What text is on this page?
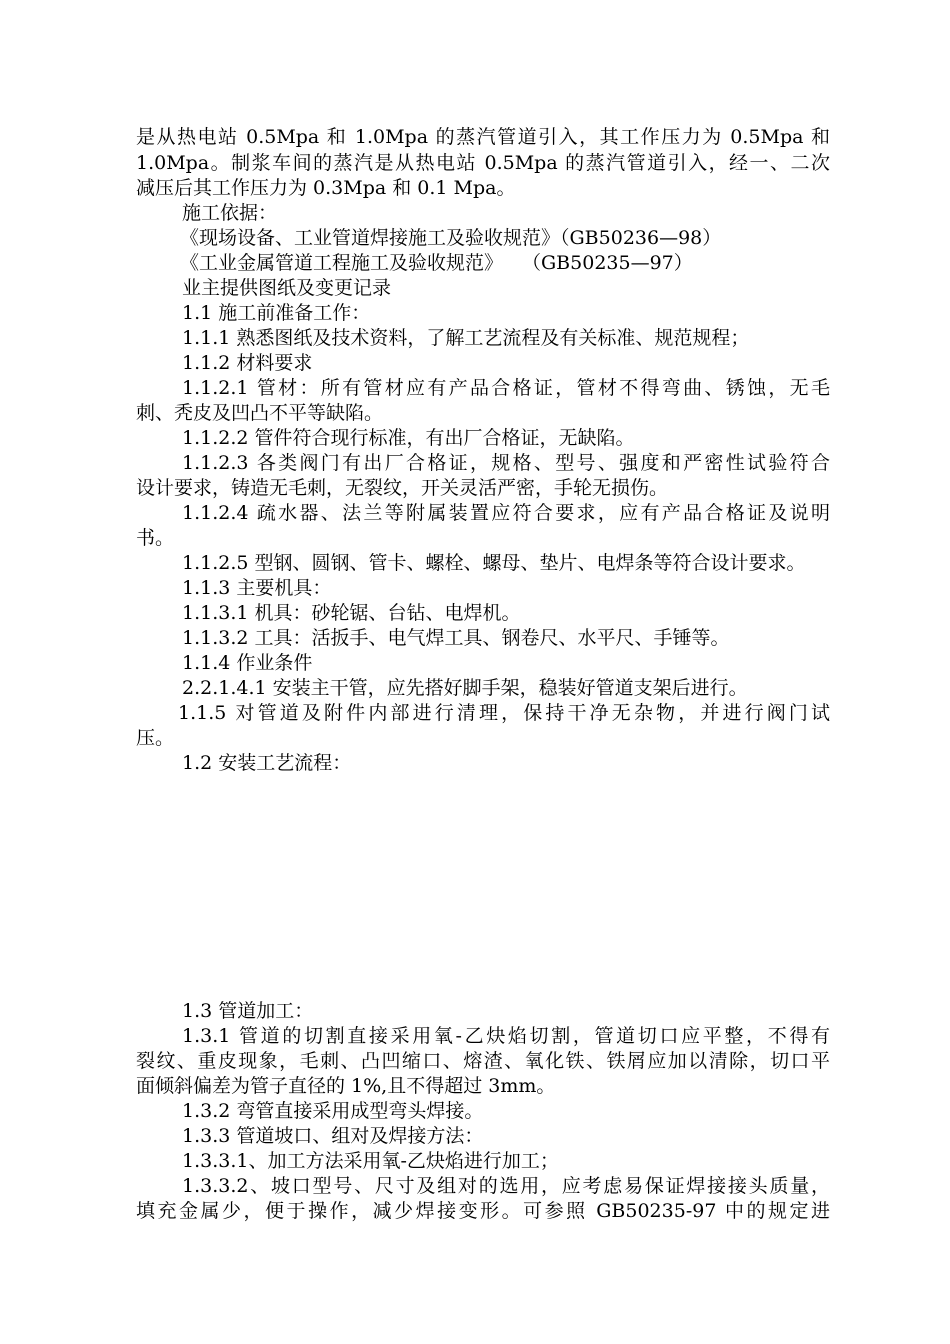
是从热电站 0.5Mpa 和 1.0Mpa 的蒸汽管道引入，其工作压力为 0.5Mpa 和
1.0Mpa。制浆车间的蒸汽是从热电站 0.5Mpa 的蒸汽管道引入，经一、二次
减压后其工作压力为 0.3Mpa 和 0.1 Mpa。
施工依据：
《现场设备、工业管道焊接施工及验收规范》（GB50236—98）
《工业金属管道工程施工及验收规范》　　（GB50235—97）
业主提供图纸及变更记录
1.1 施工前准备工作：
1.1.1 熟悉图纸及技术资料，了解工艺流程及有关标准、规范规程；
1.1.2 材料要求
1.1.2.1 管材：所有管材应有产品合格证，管材不得弯曲、锈蚀，无毛
刺、秃皮及凹凸不平等缺陷。
1.1.2.2 管件符合现行标准，有出厂合格证，无缺陷。
1.1.2.3 各类阀门有出厂合格证，规格、型号、强度和严密性试验符合
设计要求，铸造无毛刺，无裂纹，开关灵活严密，手轮无损伤。
1.1.2.4 疏水器、法兰等附属装置应符合要求，应有产品合格证及说明
书。
1.1.2.5 型钢、圆钢、管卡、螺栓、螺母、垫片、电焊条等符合设计要求。
1.1.3 主要机具：
1.1.3.1 机具：砂轮锯、台钻、电焊机。
1.1.3.2 工具：活扳手、电气焊工具、钢卷尺、水平尺、手锤等。
1.1.4 作业条件
2.2.1.4.1 安装主干管，应先搭好脚手架，稳装好管道支架后进行。
1.1.5 对管道及附件内部进行清理，保持干净无杂物，并进行阀门试
压。
1.2 安装工艺流程：
1.3 管道加工：
1.3.1 管道的切割直接采用氧-乙炔焰切割，管道切口应平整，不得有
裂纹、重皮现象，毛刺、凸凹缩口、熔渣、氧化铁、铁屑应加以清除，切口平
面倾斜偏差为管子直径的 1%,且不得超过 3mm。
1.3.2 弯管直接采用成型弯头焊接。
1.3.3 管道坡口、组对及焊接方法：
1.3.3.1、加工方法采用氧-乙炔焰进行加工；
1.3.3.2、坡口型号、尺寸及组对的选用，应考虑易保证焊接接头质量，
填充金属少，便于操作，减少焊接变形。可参照 GB50235-97 中的规定进
